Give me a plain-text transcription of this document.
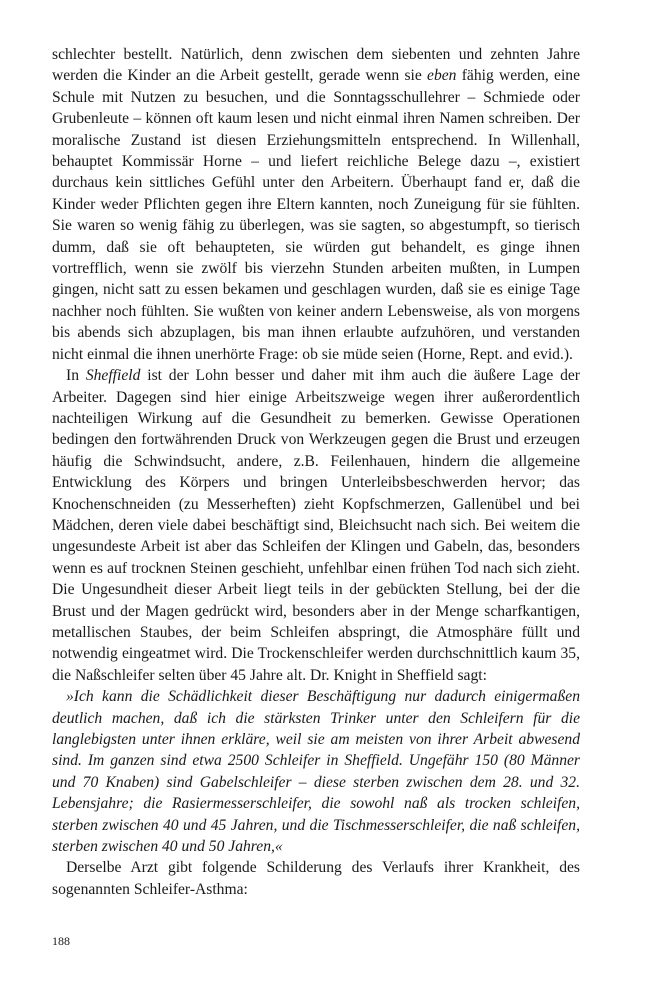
schlechter bestellt. Natürlich, denn zwischen dem siebenten und zehnten Jahre werden die Kinder an die Arbeit gestellt, gerade wenn sie eben fähig werden, eine Schule mit Nutzen zu besuchen, und die Sonntagsschullehrer – Schmiede oder Grubenleute – können oft kaum lesen und nicht einmal ihren Namen schreiben. Der moralische Zustand ist diesen Erziehungsmitteln entsprechend. In Willenhall, behauptet Kommissär Horne – und liefert reichliche Belege dazu –, existiert durchaus kein sittliches Gefühl unter den Arbeitern. Überhaupt fand er, daß die Kinder weder Pflichten gegen ihre Eltern kannten, noch Zuneigung für sie fühlten. Sie waren so wenig fähig zu überlegen, was sie sagten, so abgestumpft, so tierisch dumm, daß sie oft behaupteten, sie würden gut behandelt, es ginge ihnen vortrefflich, wenn sie zwölf bis vierzehn Stunden arbeiten mußten, in Lumpen gingen, nicht satt zu essen bekamen und geschlagen wurden, daß sie es einige Tage nachher noch fühlten. Sie wußten von keiner andern Lebensweise, als von morgens bis abends sich abzuplagen, bis man ihnen erlaubte aufzuhören, und verstanden nicht einmal die ihnen unerhörte Frage: ob sie müde seien (Horne, Rept. and evid.).

In Sheffield ist der Lohn besser und daher mit ihm auch die äußere Lage der Arbeiter. Dagegen sind hier einige Arbeitszweige wegen ihrer außerordentlich nachteiligen Wirkung auf die Gesundheit zu bemerken. Gewisse Operationen bedingen den fortwährenden Druck von Werkzeugen gegen die Brust und erzeugen häufig die Schwindsucht, andere, z.B. Feilenhauen, hindern die allgemeine Entwicklung des Körpers und bringen Unterleibsbeschwerden hervor; das Knochenschneiden (zu Messerheften) zieht Kopfschmerzen, Gallenübel und bei Mädchen, deren viele dabei beschäftigt sind, Bleichsucht nach sich. Bei weitem die ungesundeste Arbeit ist aber das Schleifen der Klingen und Gabeln, das, besonders wenn es auf trocknen Steinen geschieht, unfehlbar einen frühen Tod nach sich zieht. Die Ungesundheit dieser Arbeit liegt teils in der gebückten Stellung, bei der die Brust und der Magen gedrückt wird, besonders aber in der Menge scharfkantigen, metallischen Staubes, der beim Schleifen abspringt, die Atmosphäre füllt und notwendig eingeatmet wird. Die Trockenschleifer werden durchschnittlich kaum 35, die Naßschleifer selten über 45 Jahre alt. Dr. Knight in Sheffield sagt:

»Ich kann die Schädlichkeit dieser Beschäftigung nur dadurch einigermaßen deutlich machen, daß ich die stärksten Trinker unter den Schleifern für die langlebigsten unter ihnen erkläre, weil sie am meisten von ihrer Arbeit abwesend sind. Im ganzen sind etwa 2500 Schleifer in Sheffield. Ungefähr 150 (80 Männer und 70 Knaben) sind Gabelschleifer – diese sterben zwischen dem 28. und 32. Lebensjahre; die Rasiermesserschleifer, die sowohl naß als trocken schleifen, sterben zwischen 40 und 45 Jahren, und die Tischmesserschleifer, die naß schleifen, sterben zwischen 40 und 50 Jahren,«

Derselbe Arzt gibt folgende Schilderung des Verlaufs ihrer Krankheit, des sogenannten Schleifer-Asthma:

188
